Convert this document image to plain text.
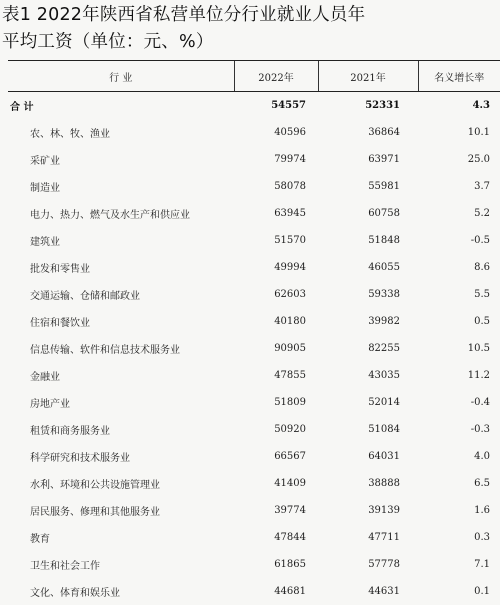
表1 2022年陕西省私营单位分行业就业人员年
平均工资（单位：元、%）
行 业	2022年	2021年	名义增长率
合 计	54557	52331	4.3
农、林、牧、渔业	40596	36864	10.1
采矿业	79974	63971	25.0
制造业	58078	55981	3.7
电力、热力、燃气及水生产和供应业	63945	60758	5.2
建筑业	51570	51848	-0.5
批发和零售业	49994	46055	8.6
交通运输、仓储和邮政业	62603	59338	5.5
住宿和餐饮业	40180	39982	0.5
信息传输、软件和信息技术服务业	90905	82255	10.5
金融业	47855	43035	11.2
房地产业	51809	52014	-0.4
租赁和商务服务业	50920	51084	-0.3
科学研究和技术服务业	66567	64031	4.0
水利、环境和公共设施管理业	41409	38888	6.5
居民服务、修理和其他服务业	39774	39139	1.6
教育	47844	47711	0.3
卫生和社会工作	61865	57778	7.1
文化、体育和娱乐业	44681	44631	0.1
